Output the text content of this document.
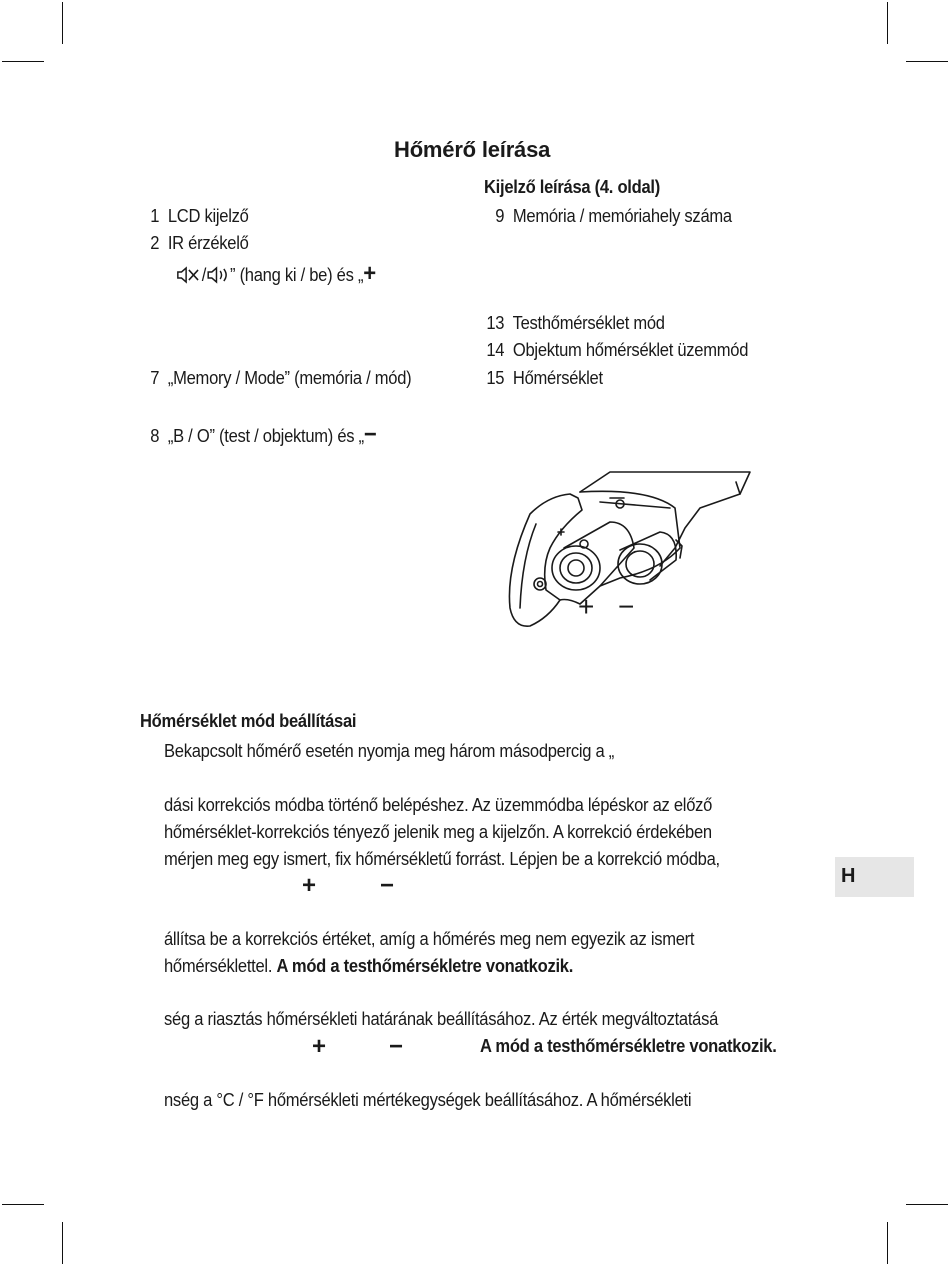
Hőmérő leírása
Kijelző leírása (4. oldal)
1 LCD kijelző
2 IR érzékelő
/ ” (hang ki / be) és „+
7 „Memory / Mode” (memória / mód)
8 „B / O” (test / objektum) és „−
9 Memória / memóriahely száma
13 Testhőmérséklet mód
14 Objektum hőmérséklet üzemmód
15 Hőmérséklet
+ −
Hőmérséklet mód beállításai
Bekapcsolt hőmérő esetén nyomja meg három másodpercig a „
dási korrekciós módba történő belépéshez. Az üzemmódba lépéskor az előző
hőmérséklet-korrekciós tényező jelenik meg a kijelzőn. A korrekció érdekében
mérjen meg egy ismert, fix hőmérsékletű forrást. Lépjen be a korrekció módba,
+	−
állítsa be a korrekciós értéket, amíg a hőmérés meg nem egyezik az ismert
hőmérséklettel. A mód a testhőmérsékletre vonatkozik.
ség a riasztás hőmérsékleti határának beállításához. Az érték megváltoztatásá
+	−	A mód a testhőmérsékletre vonatkozik.
nség a °C / °F hőmérsékleti mértékegységek beállításához. A hőmérsékleti
H
